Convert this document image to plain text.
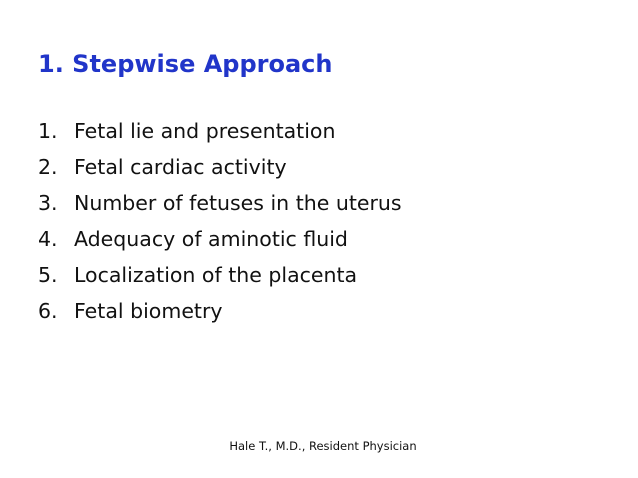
1. Stepwise Approach
1. Fetal lie and presentation
2. Fetal cardiac activity
3. Number of fetuses in the uterus
4. Adequacy of aminotic fluid
5. Localization of the placenta
6. Fetal biometry
Hale T., M.D., Resident Physician
